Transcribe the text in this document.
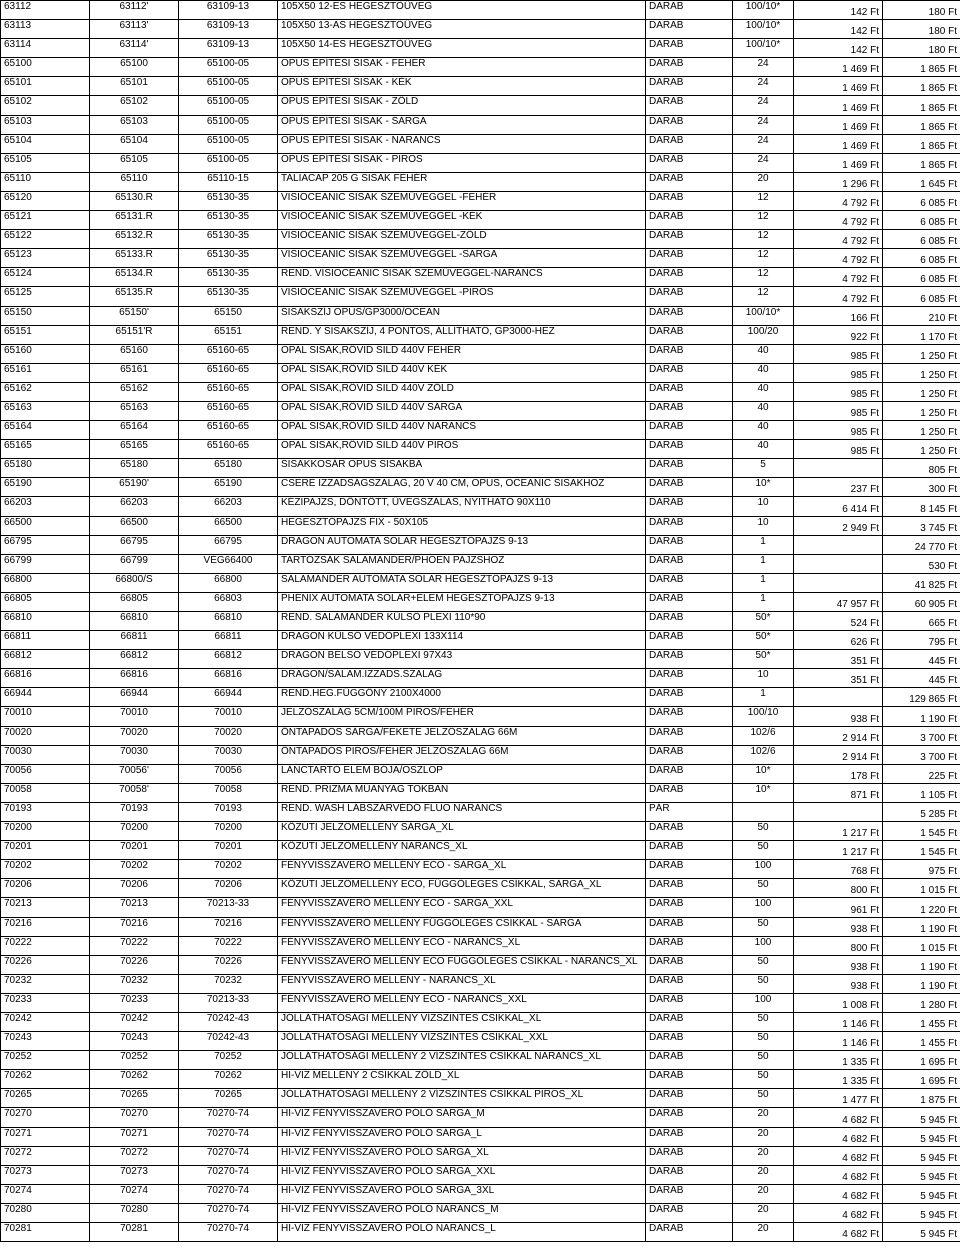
63112	63112'	63109-13	105X50 12-ES HEGESZTŐÜVEG	DARAB	100/10*	142 Ft	180 Ft
63113	63113'	63109-13	105X50 13-AS HEGESZTŐÜVEG	DARAB	100/10*	142 Ft	180 Ft
63114	63114'	63109-13	105X50 14-ES HEGESZTŐÜVEG	DARAB	100/10*	142 Ft	180 Ft
65100	65100	65100-05	OPUS ÉPÍTÉSI SISAK - FEHÉR	DARAB	24	1 469 Ft	1 865 Ft
65101	65101	65100-05	OPUS ÉPÍTÉSI SISAK - KÉK	DARAB	24	1 469 Ft	1 865 Ft
65102	65102	65100-05	OPUS ÉPÍTÉSI SISAK - ZÖLD	DARAB	24	1 469 Ft	1 865 Ft
65103	65103	65100-05	OPUS ÉPÍTÉSI SISAK - SÁRGA	DARAB	24	1 469 Ft	1 865 Ft
65104	65104	65100-05	OPUS ÉPÍTÉSI SISAK - NARANCS	DARAB	24	1 469 Ft	1 865 Ft
65105	65105	65100-05	OPUS ÉPÍTÉSI SISAK - PIROS	DARAB	24	1 469 Ft	1 865 Ft
65110	65110	65110-15	TALIACAP 205 G SISAK FEHÉR	DARAB	20	1 296 Ft	1 645 Ft
65120	65130.R	65130-35	VISIOCEANIC SISAK SZEMÜVEGGEL -FEHÉR	DARAB	12	4 792 Ft	6 085 Ft
65121	65131.R	65130-35	VISIOCEANIC SISAK SZEMÜVEGGEL -KÉK	DARAB	12	4 792 Ft	6 085 Ft
65122	65132.R	65130-35	VISIOCEANIC SISAK SZEMÜVEGGEL-ZÖLD	DARAB	12	4 792 Ft	6 085 Ft
65123	65133.R	65130-35	VISIOCEANIC SISAK SZEMÜVEGGEL -SÁRGA	DARAB	12	4 792 Ft	6 085 Ft
65124	65134.R	65130-35	REND. VISIOCEANIC SISAK SZEMÜVEGGEL-NARANCS	DARAB	12	4 792 Ft	6 085 Ft
65125	65135.R	65130-35	VISIOCEANIC SISAK SZEMÜVEGGEL -PIROS	DARAB	12	4 792 Ft	6 085 Ft
65150	65150'	65150	SISAKSZÍJ OPUS/GP3000/OCEAN	DARAB	100/10*	166 Ft	210 Ft
65151	65151'R	65151	REND. Y SISAKSZÍJ, 4 PONTOS, ÁLLÍTHATÓ, GP3000-HEZ	DARAB	100/20	922 Ft	1 170 Ft
65160	65160	65160-65	OPAL SISAK,RÖVID SILD 440V FEHÉR	DARAB	40	985 Ft	1 250 Ft
65161	65161	65160-65	OPAL SISAK,RÖVID SILD 440V KÉK	DARAB	40	985 Ft	1 250 Ft
65162	65162	65160-65	OPAL SISAK,RÖVID SILD 440V ZÖLD	DARAB	40	985 Ft	1 250 Ft
65163	65163	65160-65	OPAL SISAK,RÖVID SILD 440V SÁRGA	DARAB	40	985 Ft	1 250 Ft
65164	65164	65160-65	OPAL SISAK,RÖVID SILD 440V NARANCS	DARAB	40	985 Ft	1 250 Ft
65165	65165	65160-65	OPAL SISAK,RÖVID SILD 440V PIROS	DARAB	40	985 Ft	1 250 Ft
65180	65180	65180	SISAKKOSÁR OPUS SISAKBA	DARAB	5		805 Ft
65190	65190'	65190	CSERE IZZADSÁGSZALAG, 20 V 40 CM, OPUS, OCEANIC SISAKHOZ	DARAB	10*	237 Ft	300 Ft
66203	66203	66203	KÉZIPAJZS, DÖNTÖTT, ÜVEGSZÁLAS, NYITHATÓ 90X110	DARAB	10	6 414 Ft	8 145 Ft
66500	66500	66500	HEGESZTŐPAJZS FIX - 50X105	DARAB	10	2 949 Ft	3 745 Ft
66795	66795	66795	DRAGON AUTOMATA SOLAR HEGESZTŐPAJZS 9-13	DARAB	1		24 770 Ft
66799	66799	VÉG66400	TARTÓZSÁK SALAMANDER/PHOEN PAJZSHOZ	DARAB	1		530 Ft
66800	66800/S	66800	SALAMANDER AUTOMATA SOLAR HEGESZTŐPAJZS 9-13	DARAB	1		41 825 Ft
66805	66805	66803	PHENIX AUTOMATA SOLAR+ELEM HEGESZTŐPAJZS 9-13	DARAB	1	47 957 Ft	60 905 Ft
66810	66810	66810	REND. SALAMANDER KÜLSŐ PLEXI 110*90	DARAB	50*	524 Ft	665 Ft
66811	66811	66811	DRAGON KÜLSŐ VÉDŐPLEXI 133X114	DARAB	50*	626 Ft	795 Ft
66812	66812	66812	DRAGON BELSŐ VÉDŐPLEXI 97X43	DARAB	50*	351 Ft	445 Ft
66816	66816	66816	DRAGON/SALAM.IZZADS.SZALAG	DARAB	10	351 Ft	445 Ft
66944	66944	66944	REND.HEG.FÜGGÖNY 2100X4000	DARAB	1		129 865 Ft
70010	70010	70010	JELZŐSZALAG 5CM/100M PIROS/FEHÉR	DARAB	100/10	938 Ft	1 190 Ft
70020	70020	70020	ÖNTAPADÓS SÁRGA/FEKETE JELZŐSZALAG 66M	DARAB	102/6	2 914 Ft	3 700 Ft
70030	70030	70030	ÖNTAPADÓS PIROS/FEHÉR JELZŐSZALAG 66M	DARAB	102/6	2 914 Ft	3 700 Ft
70056	70056'	70056	LÁNCTARTÓ ELEM BÓJA/OSZLOP	DARAB	10*	178 Ft	225 Ft
70058	70058'	70058	REND. PRIZMA MŰANYAG TOKBAN	DARAB	10*	871 Ft	1 105 Ft
70193	70193	70193	REND. WASH LÁBSZÁRVÉDŐ FLUO NARANCS	PÁR			5 285 Ft
70200	70200	70200	KÖZÚTI JELZŐMELLÉNY SÁRGA_XL	DARAB	50	1 217 Ft	1 545 Ft
70201	70201	70201	KÖZÚTI JELZŐMELLÉNY NARANCS_XL	DARAB	50	1 217 Ft	1 545 Ft
70202	70202	70202	FÉNYVISSZAVERŐ MELLÉNY ECO - SÁRGA_XL	DARAB	100	768 Ft	975 Ft
70206	70206	70206	KÖZÚTI JELZŐMELLÉNY ECO, FÜGGŐLEGES CSÍKKAL, SÁRGA_XL	DARAB	50	800 Ft	1 015 Ft
70213	70213	70213-33	FÉNYVISSZAVERŐ MELLÉNY ECO - SÁRGA_XXL	DARAB	100	961 Ft	1 220 Ft
70216	70216	70216	FÉNYVISSZAVERŐ MELLÉNY FÜGGŐLEGES CSÍKKAL - SÁRGA	DARAB	50	938 Ft	1 190 Ft
70222	70222	70222	FÉNYVISSZAVERŐ MELLÉNY ECO - NARANCS_XL	DARAB	100	800 Ft	1 015 Ft
70226	70226	70226	FÉNYVISSZAVERŐ MELLÉNY ECO FÜGGŐLEGES CSÍKKAL - NARANCS_XL	DARAB	50	938 Ft	1 190 Ft
70232	70232	70232	FÉNYVISSZAVERŐ MELLÉNY - NARANCS_XL	DARAB	50	938 Ft	1 190 Ft
70233	70233	70213-33	FÉNYVISSZAVERŐ MELLÉNY ECO - NARANCS_XXL	DARAB	100	1 008 Ft	1 280 Ft
70242	70242	70242-43	JÓLLÁTHATÓSÁGI MELLÉNY VÍZSZINTES CSÍKKAL_XL	DARAB	50	1 146 Ft	1 455 Ft
70243	70243	70242-43	JÓLLÁTHATÓSÁGI MELLÉNY VÍZSZINTES CSÍKKAL_XXL	DARAB	50	1 146 Ft	1 455 Ft
70252	70252	70252	JÓLLÁTHATÓSÁGI MELLÉNY 2 VÍZSZINTES CSÍKKAL NARANCS_XL	DARAB	50	1 335 Ft	1 695 Ft
70262	70262	70262	HI-VIZ MELLÉNY 2 CSÍKKAL ZÖLD_XL	DARAB	50	1 335 Ft	1 695 Ft
70265	70265	70265	JÓLLÁTHATÓSÁGI MELLÉNY 2 VÍZSZINTES CSÍKKAL PIROS_XL	DARAB	50	1 477 Ft	1 875 Ft
70270	70270	70270-74	HI-VIZ FÉNYVISSZAVERŐ PÓLÓ SÁRGA_M	DARAB	20	4 682 Ft	5 945 Ft
70271	70271	70270-74	HI-VIZ FÉNYVISSZAVERŐ PÓLÓ SÁRGA_L	DARAB	20	4 682 Ft	5 945 Ft
70272	70272	70270-74	HI-VIZ FÉNYVISSZAVERŐ PÓLÓ SÁRGA_XL	DARAB	20	4 682 Ft	5 945 Ft
70273	70273	70270-74	HI-VIZ FÉNYVISSZAVERŐ PÓLÓ SÁRGA_XXL	DARAB	20	4 682 Ft	5 945 Ft
70274	70274	70270-74	HI-VIZ FÉNYVISSZAVERŐ PÓLÓ SÁRGA_3XL	DARAB	20	4 682 Ft	5 945 Ft
70280	70280	70270-74	HI-VIZ FÉNYVISSZAVERŐ PÓLÓ NARANCS_M	DARAB	20	4 682 Ft	5 945 Ft
70281	70281	70270-74	HI-VIZ FÉNYVISSZAVERŐ PÓLÓ NARANCS_L	DARAB	20	4 682 Ft	5 945 Ft
